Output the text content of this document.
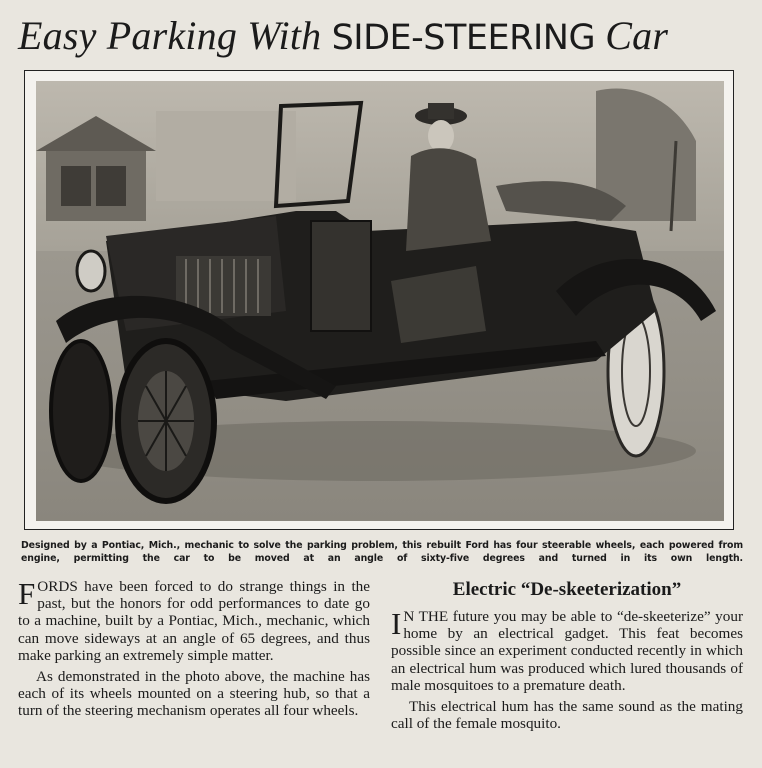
Easy Parking With SIDE-STEERING Car
Designed by a Pontiac, Mich., mechanic to solve the parking problem, this rebuilt Ford has four steerable wheels, each powered from engine, permitting the car to be moved at an angle of sixty-five degrees and turned in its own length.

FORDS have been forced to do strange things in the past, but the honors for odd performances to date go to a machine, built by a Pontiac, Mich., mechanic, which can move sideways at an angle of 65 degrees, and thus make parking an extremely simple matter.

As demonstrated in the photo above, the machine has each of its wheels mounted on a steering hub, so that a turn of the steering mechanism operates all four wheels.

Electric “De-skeeterization”

I N THE future you may be able to “de-skeeterize” your home by an electrical gadget. This feat becomes possible since an experiment conducted recently in which an electrical hum was produced which lured thousands of male mosquitoes to a premature death.

This electrical hum has the same sound as the mating call of the female mosquito.
